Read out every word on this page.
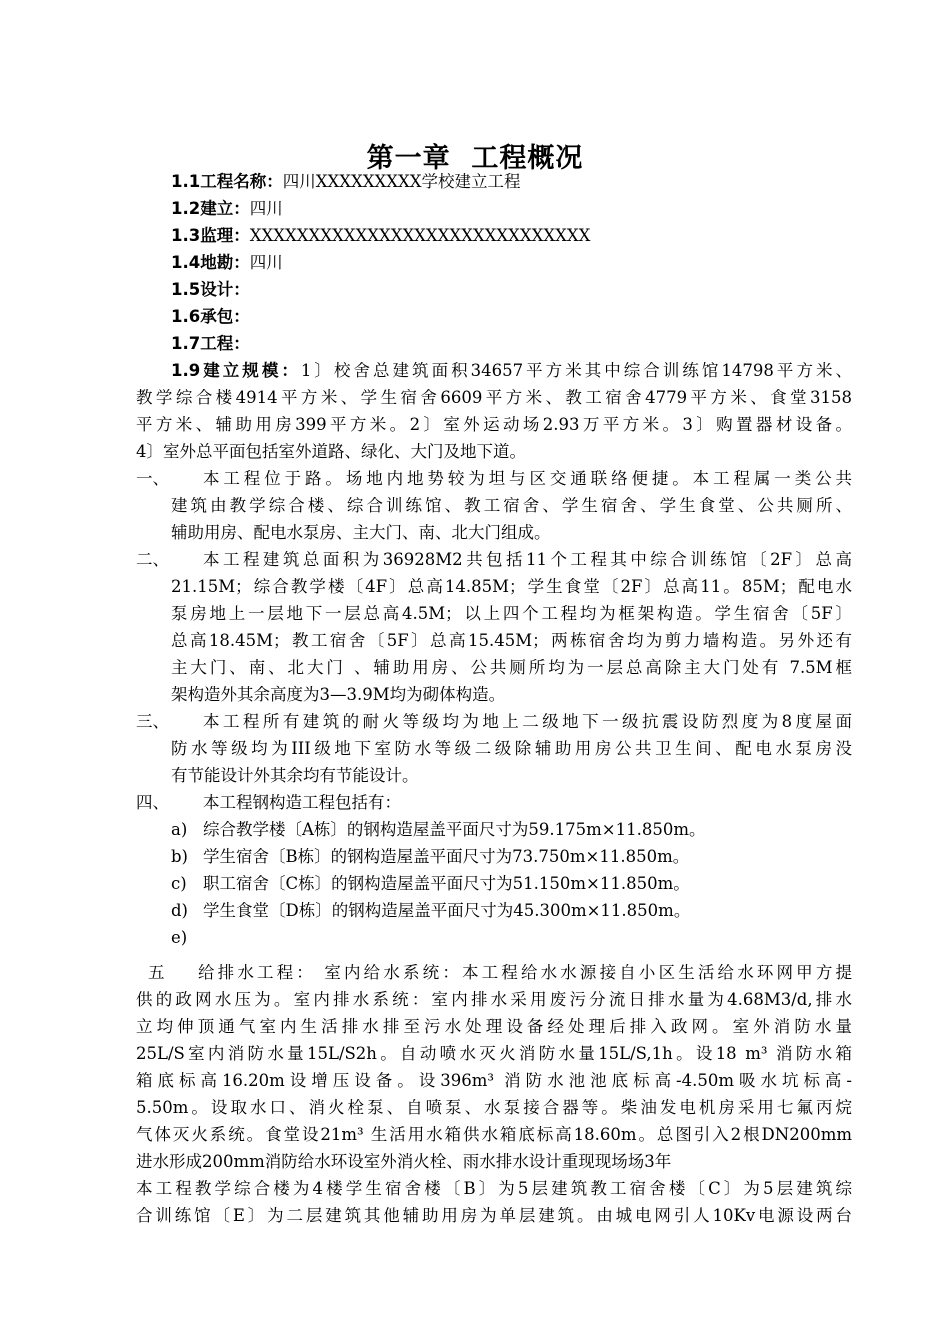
第一章  工程概况
1.1工程名称：四川XXXXXXXXX学校建立工程
1.2建立：四川
1.3监理：XXXXXXXXXXXXXXXXXXXXXXXXXXXXX
1.4地勘：四川
1.5设计：
1.6承包：
1.7工程：
1.9建立规模：1〕校舍总建筑面积34657平方米其中综合训练馆14798平方米、
教学综合楼4914平方米、学生宿舍6609平方米、教工宿舍4779平方米、食堂3158
平方米、辅助用房399平方米。2〕室外运动场2.93万平方米。3〕购置器材设备。
4〕室外总平面包括室外道路、绿化、大门及地下道。
一、 本工程位于路。场地内地势较为坦与区交通联络便捷。本工程属一类公共
建筑由教学综合楼、综合训练馆、教工宿舍、学生宿舍、学生食堂、公共厕所、
辅助用房、配电水泵房、主大门、南、北大门组成。
二、 本工程建筑总面积为36928M2共包括11个工程其中综合训练馆〔2F〕总高
21.15M；综合教学楼〔4F〕总高14.85M；学生食堂〔2F〕总高11。85M；配电水
泵房地上一层地下一层总高4.5M；以上四个工程均为框架构造。学生宿舍〔5F〕
总高18.45M；教工宿舍〔5F〕总高15.45M；两栋宿舍均为剪力墙构造。另外还有
主大门、南、北大门 、辅助用房、公共厕所均为一层总高除主大门处有 7.5M框
架构造外其余高度为3—3.9M均为砌体构造。
三、 本工程所有建筑的耐火等级均为地上二级地下一级抗震设防烈度为8度屋面
防水等级均为III级地下室防水等级二级除辅助用房公共卫生间、配电水泵房没
有节能设计外其余均有节能设计。
四、 本工程钢构造工程包括有：
a) 综合教学楼〔A栋〕的钢构造屋盖平面尺寸为59.175m×11.850m。
b) 学生宿舍〔B栋〕的钢构造屋盖平面尺寸为73.750m×11.850m。
c) 职工宿舍〔C栋〕的钢构造屋盖平面尺寸为51.150m×11.850m。
d) 学生食堂〔D栋〕的钢构造屋盖平面尺寸为45.300m×11.850m。
e)
五 给排水工程： 室内给水系统：本工程给水水源接自小区生活给水环网甲方提
供的政网水压为。室内排水系统：室内排水采用废污分流日排水量为4.68M3/d,排水
立均伸顶通气室内生活排水排至污水处理设备经处理后排入政网。室外消防水量
25L/S室内消防水量15L/S2h。自动喷水灭火消防水量15L/S,1h。设18 m³ 消防水箱
箱底标高16.20m设增压设备。设396m³ 消防水池池底标高-4.50m吸水坑标高-
5.50m。设取水口、消火栓泵、自喷泵、水泵接合器等。柴油发电机房采用七氟丙烷
气体灭火系统。食堂设21m³ 生活用水箱供水箱底标高18.60m。总图引入2根DN200mm
进水形成200mm消防给水环设室外消火栓、雨水排水设计重现现场场3年
本工程教学综合楼为4楼学生宿舍楼〔B〕为5层建筑教工宿舍楼〔C〕为5层建筑综
合训练馆〔E〕为二层建筑其他辅助用房为单层建筑。由城电网引人10Kv电源设两台
